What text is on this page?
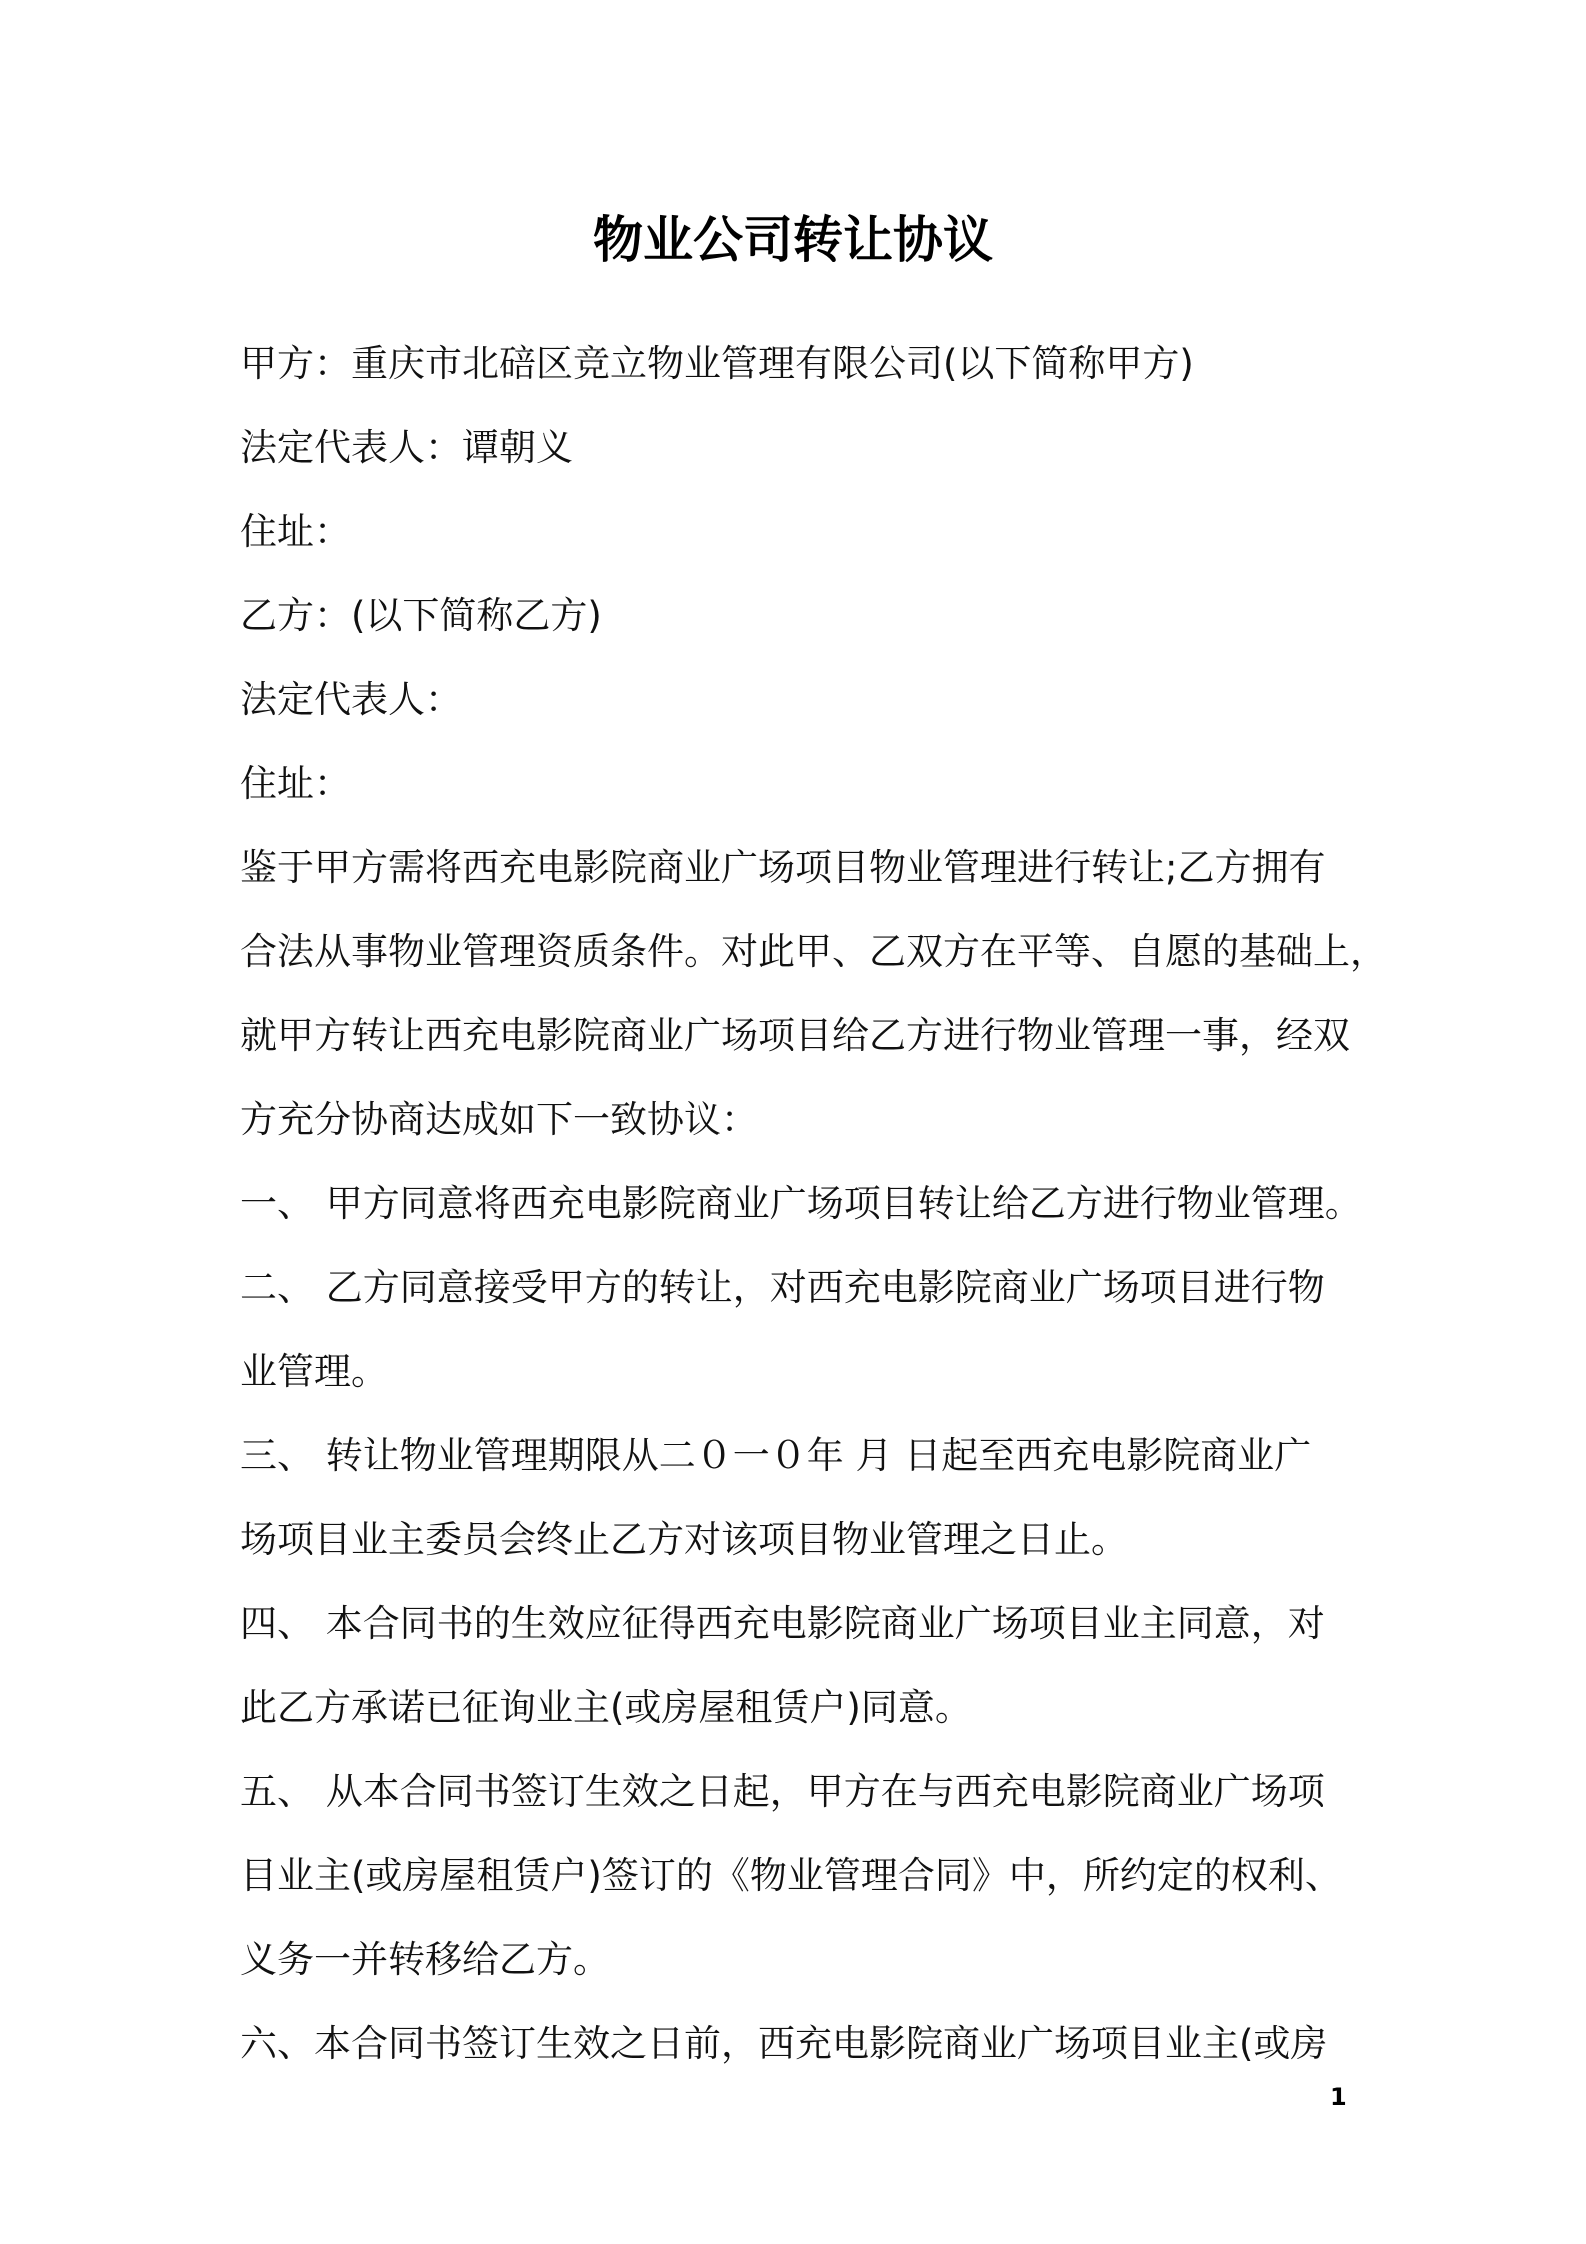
物业公司转让协议
甲方：重庆市北碚区竞立物业管理有限公司(以下简称甲方)
法定代表人：谭朝义
住址：
乙方：(以下简称乙方)
法定代表人：
住址：
鉴于甲方需将西充电影院商业广场项目物业管理进行转让;乙方拥有
合法从事物业管理资质条件。对此甲、乙双方在平等、自愿的基础上，
就甲方转让西充电影院商业广场项目给乙方进行物业管理一事，经双
方充分协商达成如下一致协议：
一、 甲方同意将西充电影院商业广场项目转让给乙方进行物业管理。
二、 乙方同意接受甲方的转让，对西充电影院商业广场项目进行物
业管理。
三、 转让物业管理期限从二０一０年 月 日起至西充电影院商业广
场项目业主委员会终止乙方对该项目物业管理之日止。
四、 本合同书的生效应征得西充电影院商业广场项目业主同意，对
此乙方承诺已征询业主(或房屋租赁户)同意。
五、 从本合同书签订生效之日起，甲方在与西充电影院商业广场项
目业主(或房屋租赁户)签订的《物业管理合同》中，所约定的权利、
义务一并转移给乙方。
六、本合同书签订生效之日前，西充电影院商业广场项目业主(或房
1
